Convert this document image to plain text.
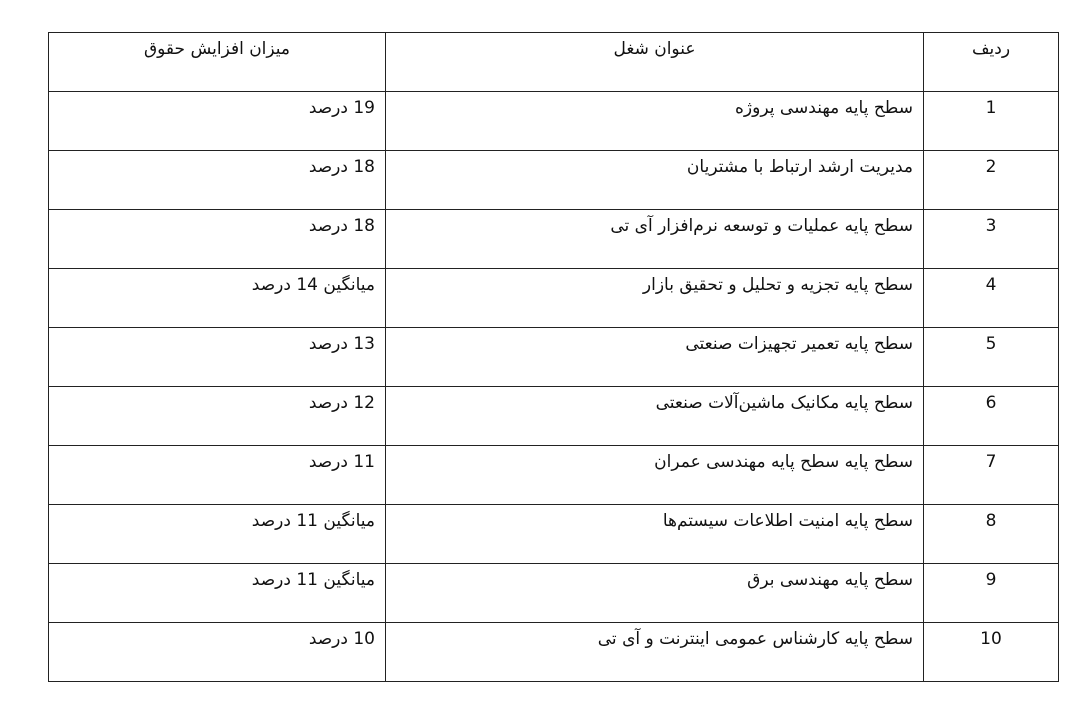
ردیف	عنوان شغل	میزان افزایش حقوق
1	سطح پایه مهندسی پروژه	19 درصد
2	مدیریت ارشد ارتباط با مشتریان	18 درصد
3	سطح پایه عملیات و توسعه نرم‌افزار آی تی	18 درصد
4	سطح پایه تجزیه و تحلیل و تحقیق بازار	میانگین 14 درصد
5	سطح پایه تعمیر تجهیزات صنعتی	13 درصد
6	سطح پایه مکانیک ماشین‌آلات صنعتی	12 درصد
7	سطح پایه سطح پایه مهندسی عمران	11 درصد
8	سطح پایه امنیت اطلاعات سیستم‌ها	میانگین 11 درصد
9	سطح پایه مهندسی برق	میانگین 11 درصد
10	سطح پایه کارشناس عمومی اینترنت و آی تی	10 درصد
